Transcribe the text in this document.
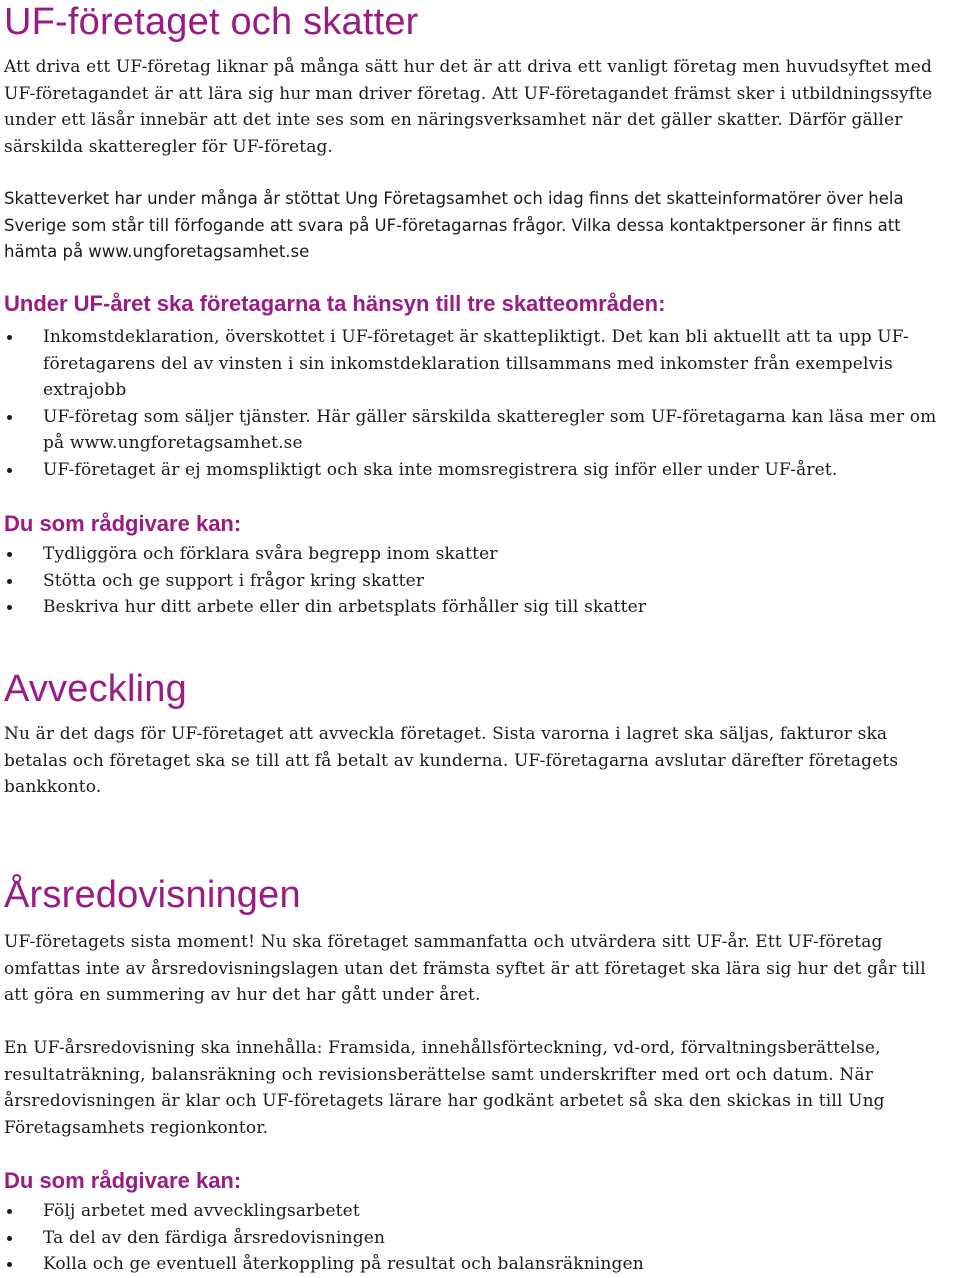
UF-företaget och skatter

Att driva ett UF-företag liknar på många sätt hur det är att driva ett vanligt företag men huvudsyftet med UF-företagandet är att lära sig hur man driver företag. Att UF-företagandet främst sker i utbildningssyfte under ett läsår innebär att det inte ses som en näringsverksamhet när det gäller skatter. Därför gäller särskilda skatteregler för UF-företag.

Skatteverket har under många år stöttat Ung Företagsamhet och idag finns det skatteinformatörer över hela Sverige som står till förfogande att svara på UF-företagarnas frågor. Vilka dessa kontaktpersoner är finns att hämta på www.ungforetagsamhet.se

Under UF-året ska företagarna ta hänsyn till tre skatteområden:
Inkomstdeklaration, överskottet i UF-företaget är skattepliktigt. Det kan bli aktuellt att ta upp UF-företagarens del av vinsten i sin inkomstdeklaration tillsammans med inkomster från exempelvis extrajobb
UF-företag som säljer tjänster. Här gäller särskilda skatteregler som UF-företagarna kan läsa mer om på www.ungforetagsamhet.se
UF-företaget är ej momspliktigt och ska inte momsregistrera sig inför eller under UF-året.
Du som rådgivare kan:
Tydliggöra och förklara svåra begrepp inom skatter
Stötta och ge support i frågor kring skatter
Beskriva hur ditt arbete eller din arbetsplats förhåller sig till skatter
Avveckling

Nu är det dags för UF-företaget att avveckla företaget. Sista varorna i lagret ska säljas, fakturor ska betalas och företaget ska se till att få betalt av kunderna. UF-företagarna avslutar därefter företagets bankkonto.

Årsredovisningen

UF-företagets sista moment! Nu ska företaget sammanfatta och utvärdera sitt UF-år. Ett UF-företag omfattas inte av årsredovisningslagen utan det främsta syftet är att företaget ska lära sig hur det går till att göra en summering av hur det har gått under året.

En UF-årsredovisning ska innehålla: Framsida, innehållsförteckning, vd-ord, förvaltningsberättelse, resultaträkning, balansräkning och revisionsberättelse samt underskrifter med ort och datum. När årsredovisningen är klar och UF-företagets lärare har godkänt arbetet så ska den skickas in till Ung Företagsamhets regionkontor.

Du som rådgivare kan:
Följ arbetet med avvecklingsarbetet
Ta del av den färdiga årsredovisningen
Kolla och ge eventuell återkoppling på resultat och balansräkningen
